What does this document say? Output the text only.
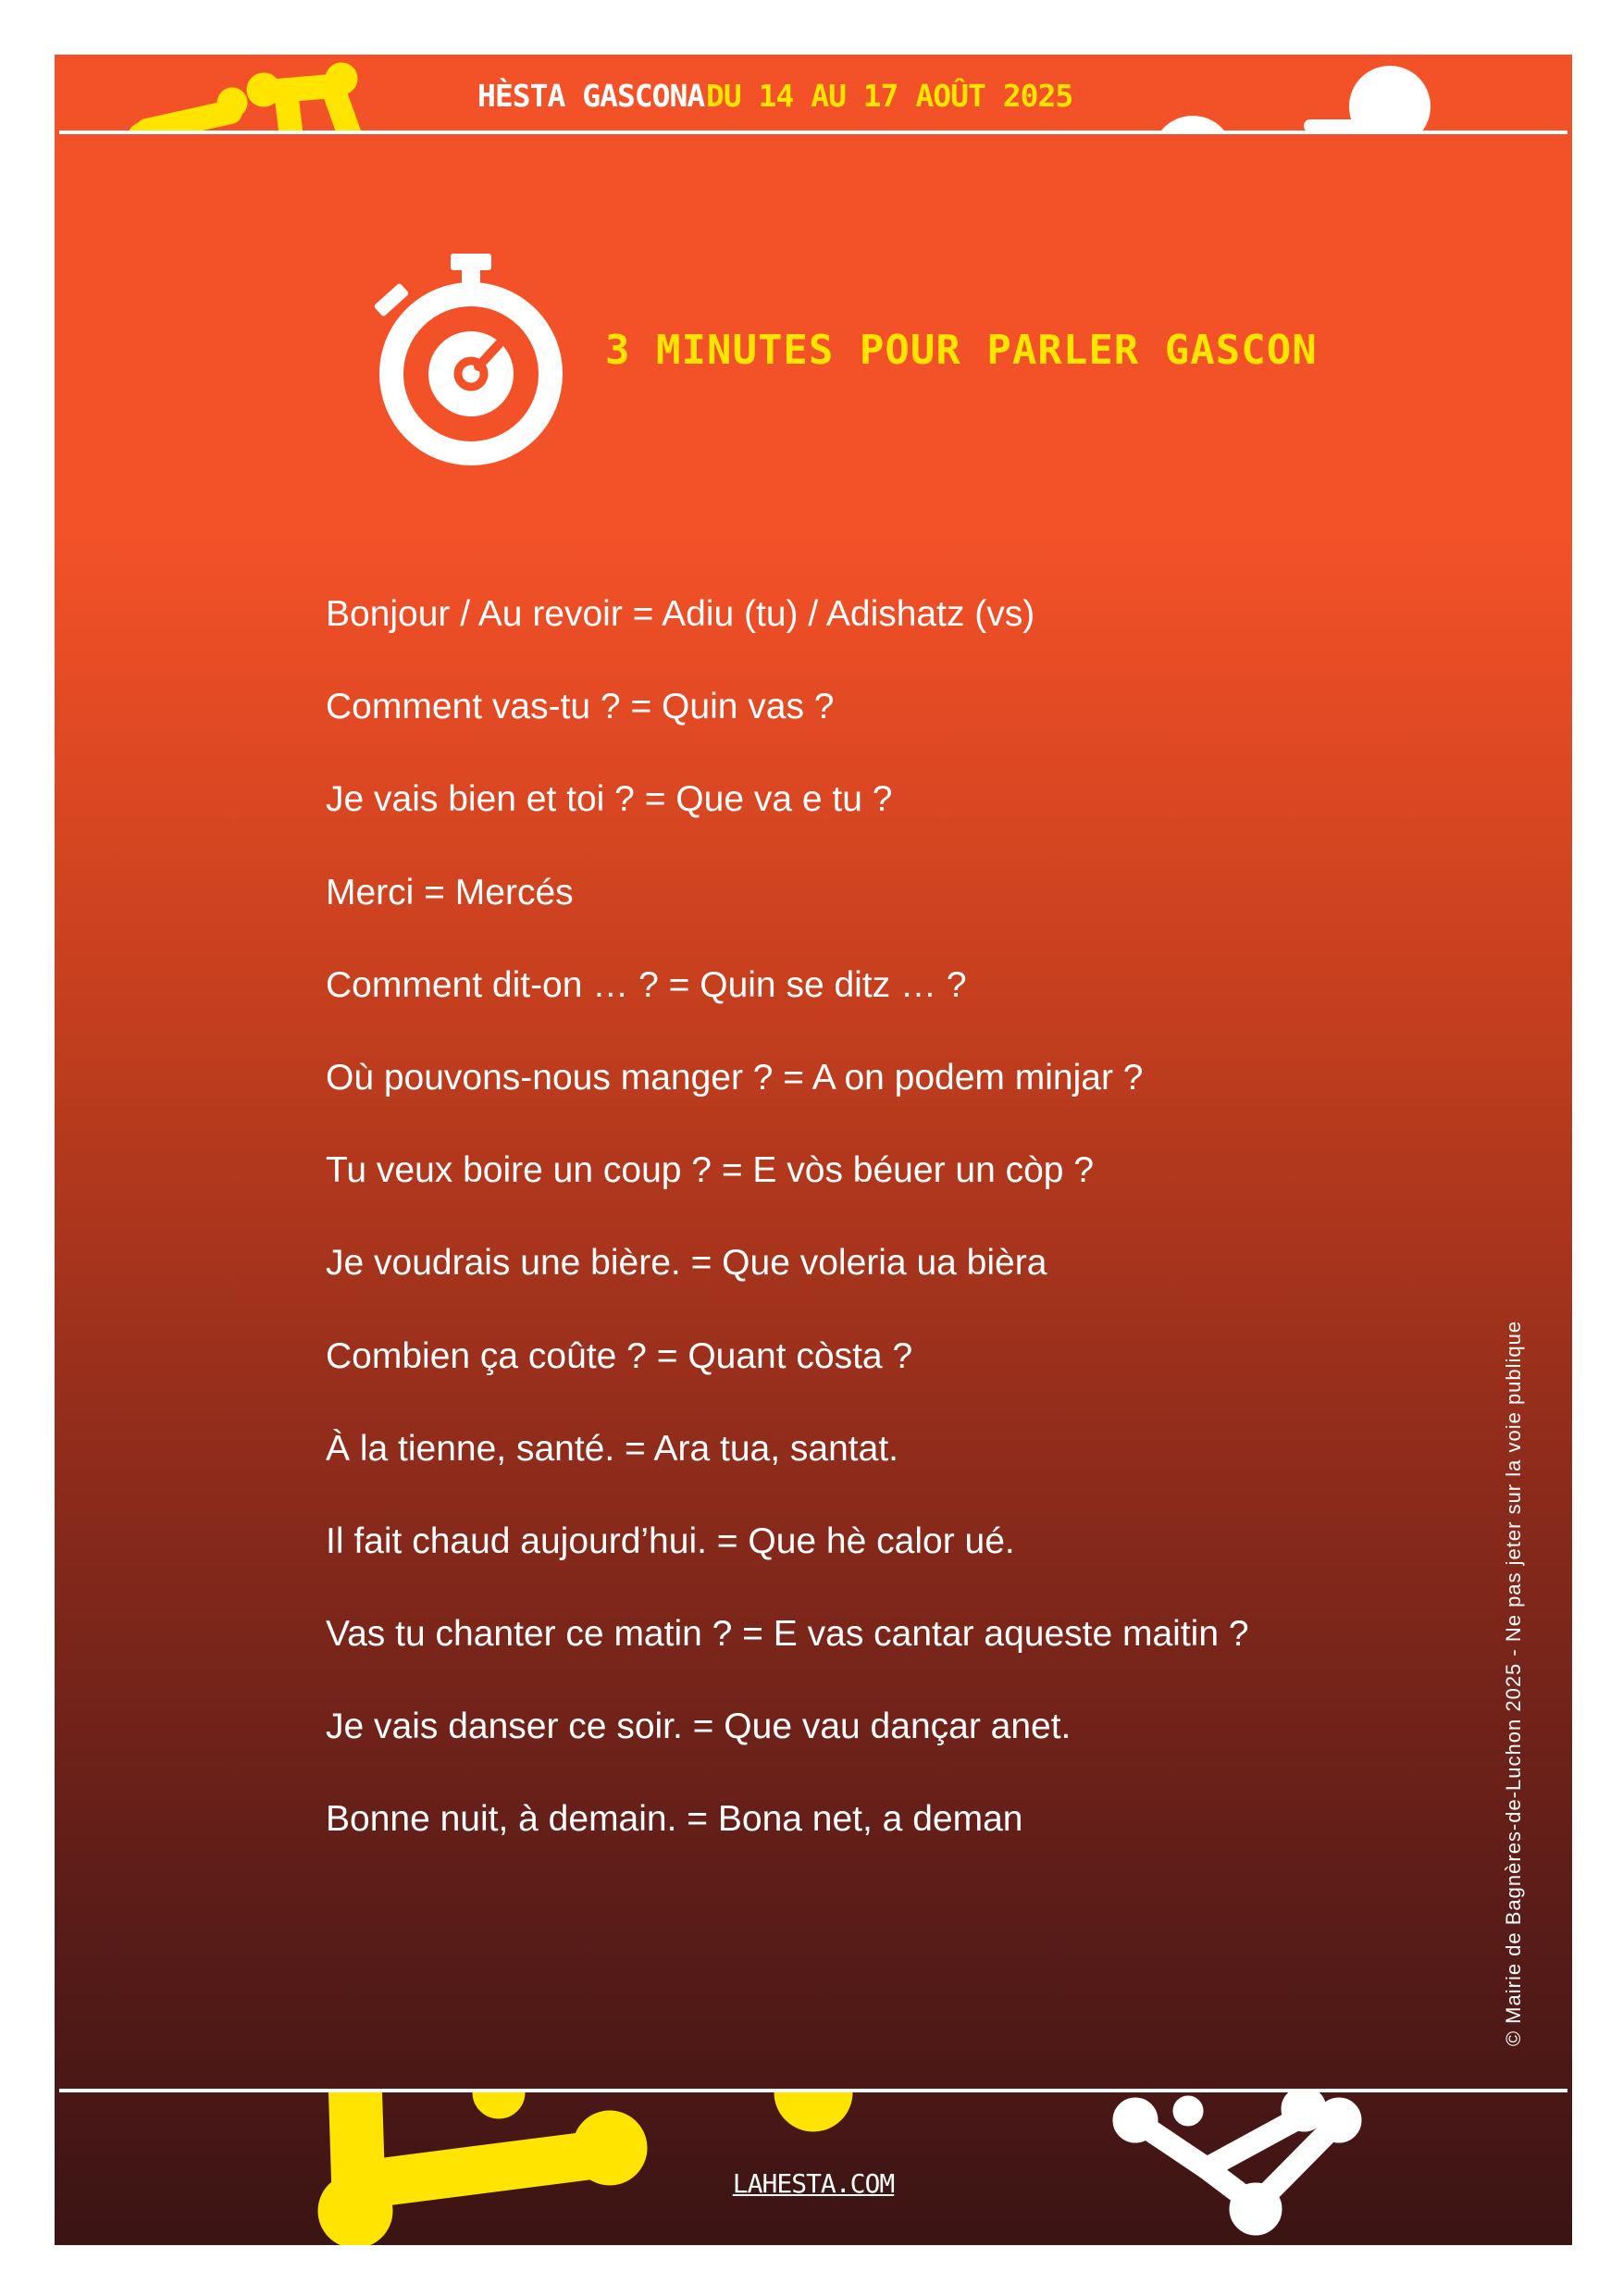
HÈSTA GASCONA DU 14 AU 17 AOÛT 2025
3 MINUTES POUR PARLER GASCON
Bonjour / Au revoir = Adiu (tu) / Adishatz (vs)
Comment vas-tu ? = Quin vas ?
Je vais bien et toi ? = Que va e tu ?
Merci = Mercés
Comment dit-on … ? = Quin se ditz … ?
Où pouvons-nous manger ? = A on podem minjar ?
Tu veux boire un coup ? = E vòs béuer un còp ?
Je voudrais une bière. = Que voleria ua bièra
Combien ça coûte ? = Quant còsta ?
À la tienne, santé. = Ara tua, santat.
Il fait chaud aujourd’hui. = Que hè calor ué.
Vas tu chanter ce matin ? = E vas cantar aqueste maitin ?
Je vais danser ce soir. = Que vau dançar anet.
Bonne nuit, à demain. = Bona net, a deman	© Mairie de Bagnères-de-Luchon 2025 - Ne pas jeter sur la voie publique
LAHESTA.COM
